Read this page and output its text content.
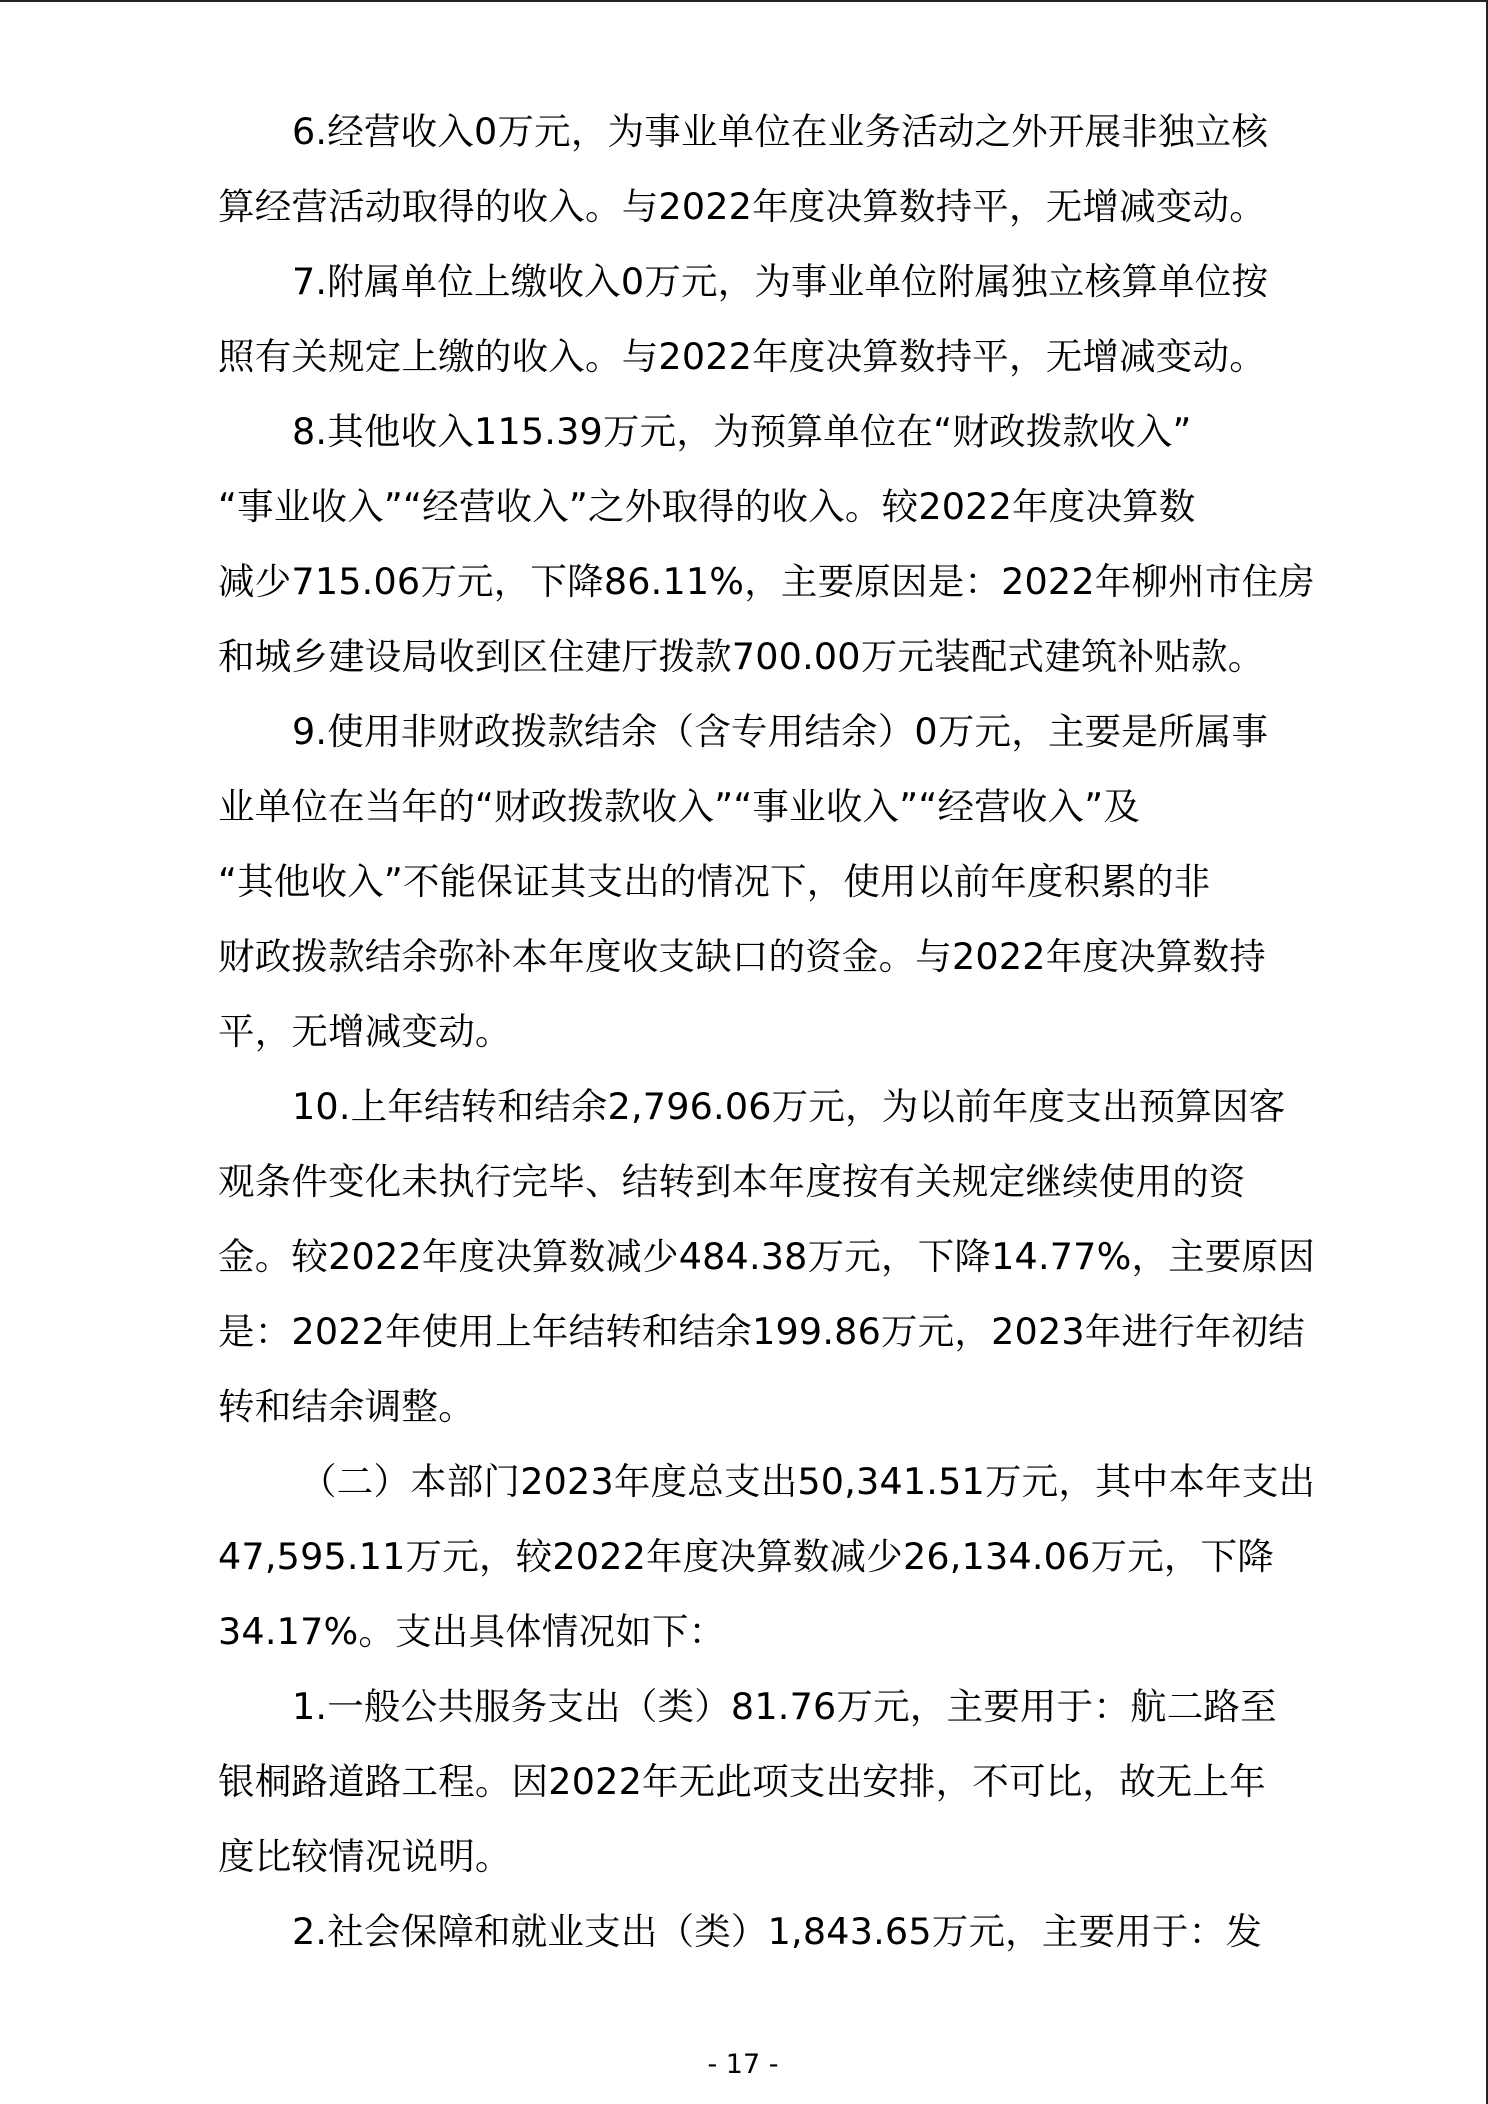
6.经营收入0万元，为事业单位在业务活动之外开展非独立核
算经营活动取得的收入。与2022年度决算数持平，无增减变动。
7.附属单位上缴收入0万元，为事业单位附属独立核算单位按
照有关规定上缴的收入。与2022年度决算数持平，无增减变动。
8.其他收入115.39万元，为预算单位在“财政拨款收入”
“事业收入”“经营收入”之外取得的收入。较2022年度决算数
减少715.06万元，下降86.11%，主要原因是：2022年柳州市住房
和城乡建设局收到区住建厅拨款700.00万元装配式建筑补贴款。
9.使用非财政拨款结余（含专用结余）0万元，主要是所属事
业单位在当年的“财政拨款收入”“事业收入”“经营收入”及
“其他收入”不能保证其支出的情况下，使用以前年度积累的非
财政拨款结余弥补本年度收支缺口的资金。与2022年度决算数持
平，无增减变动。
10.上年结转和结余2,796.06万元，为以前年度支出预算因客
观条件变化未执行完毕、结转到本年度按有关规定继续使用的资
金。较2022年度决算数减少484.38万元，下降14.77%，主要原因
是：2022年使用上年结转和结余199.86万元，2023年进行年初结
转和结余调整。
（二）本部门2023年度总支出50,341.51万元，其中本年支出
47,595.11万元，较2022年度决算数减少26,134.06万元，下降
34.17%。支出具体情况如下：
1.一般公共服务支出（类）81.76万元，主要用于：航二路至
银桐路道路工程。因2022年无此项支出安排，不可比，故无上年
度比较情况说明。
2.社会保障和就业支出（类）1,843.65万元，主要用于：发
- 17 -
